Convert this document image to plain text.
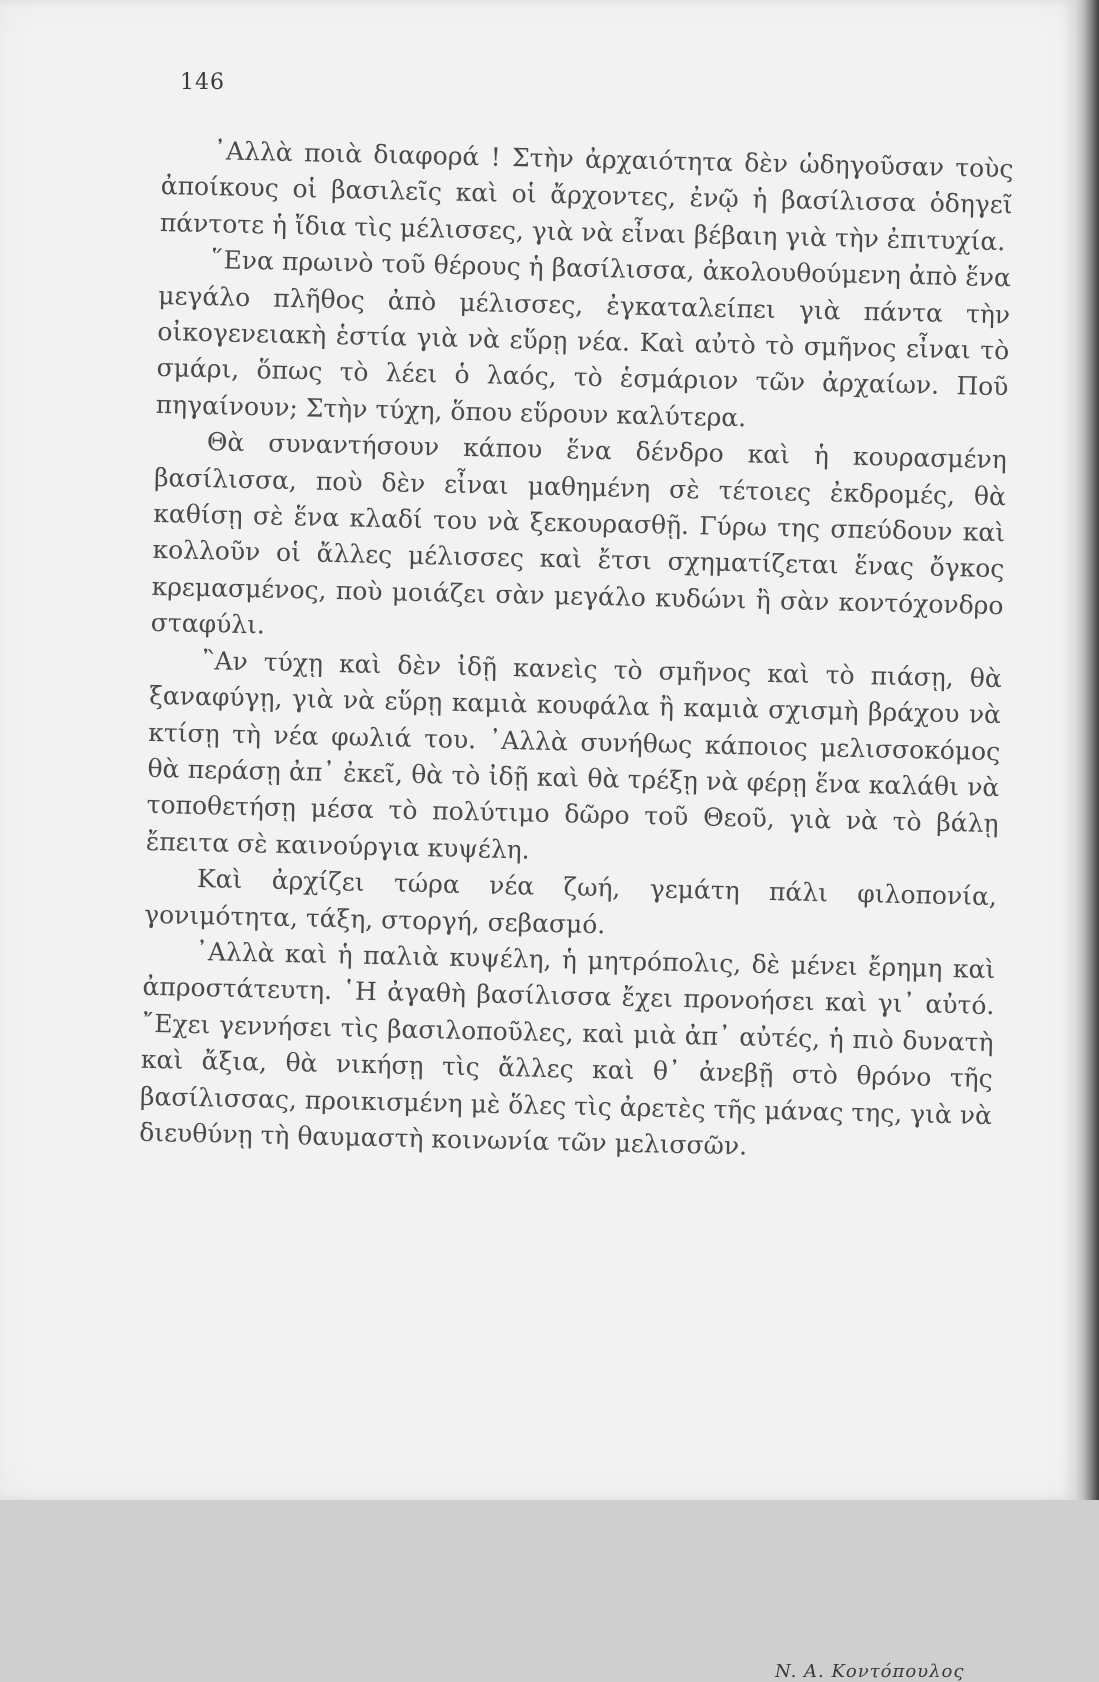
146

᾿Αλλὰ ποιὰ διαφορά ! Στὴν ἀρχαιότητα δὲν ὡδηγοῦσαν τοὺς ἀποίκους οἱ βασιλεῖς καὶ οἱ ἄρχοντες, ἐνῷ ἡ βασίλισσα ὁδηγεῖ πάντοτε ἡ ἴδια τὶς μέλισσες, γιὰ νὰ εἶναι βέβαιη γιὰ τὴν ἐπιτυχία.

῞Ενα πρωινὸ τοῦ θέρους ἡ βασίλισσα, ἀκολουθούμενη ἀπὸ ἕνα μεγάλο πλῆθος ἀπὸ μέλισσες, ἐγκαταλείπει γιὰ πάντα τὴν οἰκογενειακὴ ἑστία γιὰ νὰ εὕρῃ νέα. Καὶ αὐτὸ τὸ σμῆνος εἶναι τὸ σμάρι, ὅπως τὸ λέει ὁ λαός, τὸ ἑσμάριον τῶν ἀρχαίων. Ποῦ πηγαίνουν; Στὴν τύχη, ὅπου εὕρουν καλύτερα.

Θὰ συναντήσουν κάπου ἕνα δένδρο καὶ ἡ κουρασμένη βασίλισσα, ποὺ δὲν εἶναι μαθημένη σὲ τέτοιες ἐκδρομές, θὰ καθίσῃ σὲ ἕνα κλαδί του νὰ ξεκουρασθῇ. Γύρω της σπεύδουν καὶ κολλοῦν οἱ ἄλλες μέλισσες καὶ ἔτσι σχηματίζεται ἕνας ὄγκος κρεμασμένος, ποὺ μοιάζει σὰν μεγάλο κυδώνι ἢ σὰν κοντόχονδρο σταφύλι.

῍Αν τύχῃ καὶ δὲν ἰδῇ κανεὶς τὸ σμῆνος καὶ τὸ πιάσῃ, θὰ ξαναφύγῃ, γιὰ νὰ εὕρῃ καμιὰ κουφάλα ἢ καμιὰ σχισμὴ βράχου νὰ κτίσῃ τὴ νέα φωλιά του. ᾿Αλλὰ συνήθως κάποιος μελισσοκόμος θὰ περάσῃ ἀπ᾿ ἐκεῖ, θὰ τὸ ἰδῇ καὶ θὰ τρέξῃ νὰ φέρῃ ἕνα καλάθι νὰ τοποθετήσῃ μέσα τὸ πολύτιμο δῶρο τοῦ Θεοῦ, γιὰ νὰ τὸ βάλῃ ἔπειτα σὲ καινούργια κυψέλη.

Καὶ ἀρχίζει τώρα νέα ζωή, γεμάτη πάλι φιλοπονία, γονιμότητα, τάξη, στοργή, σεβασμό.

᾿Αλλὰ καὶ ἡ παλιὰ κυψέλη, ἡ μητρόπολις, δὲ μένει ἔρημη καὶ ἀπροστάτευτη. ῾Η ἀγαθὴ βασίλισσα ἔχει προνοήσει καὶ γι᾿ αὐτό. ῎Εχει γεννήσει τὶς βασιλοποῦλες, καὶ μιὰ ἀπ᾿ αὐτές, ἡ πιὸ δυνατὴ καὶ ἄξια, θὰ νικήσῃ τὶς ἄλλες καὶ θ᾿ ἀνεβῇ στὸ θρόνο τῆς βασίλισσας, προικισμένη μὲ ὅλες τὶς ἀρετὲς τῆς μάνας της, γιὰ νὰ διευθύνῃ τὴ θαυμαστὴ κοινωνία τῶν μελισσῶν.

N. A. Κοντόπουλος
